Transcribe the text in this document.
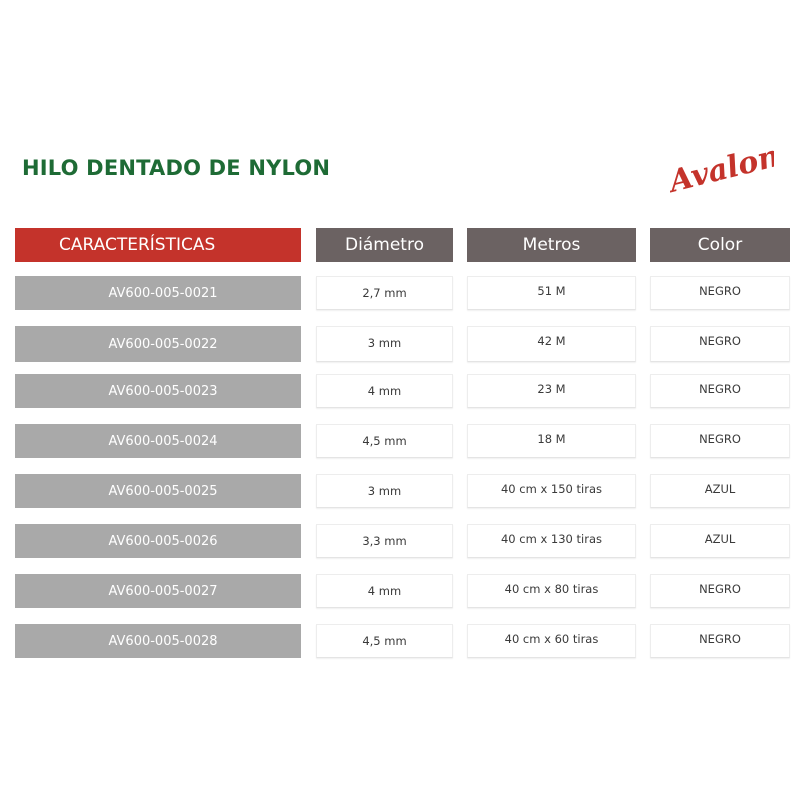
HILO DENTADO DE NYLON	Avalon
CARACTERÍSTICAS	Diámetro	Metros	Color
AV600-005-0021	2,7 mm	51 M	NEGRO
AV600-005-0022	3 mm	42 M	NEGRO
AV600-005-0023	4 mm	23 M	NEGRO
AV600-005-0024	4,5 mm	18 M	NEGRO
AV600-005-0025	3 mm	40 cm x 150 tiras	AZUL
AV600-005-0026	3,3 mm	40 cm x 130 tiras	AZUL
AV600-005-0027	4 mm	40 cm x 80 tiras	NEGRO
AV600-005-0028	4,5 mm	40 cm x 60 tiras	NEGRO
